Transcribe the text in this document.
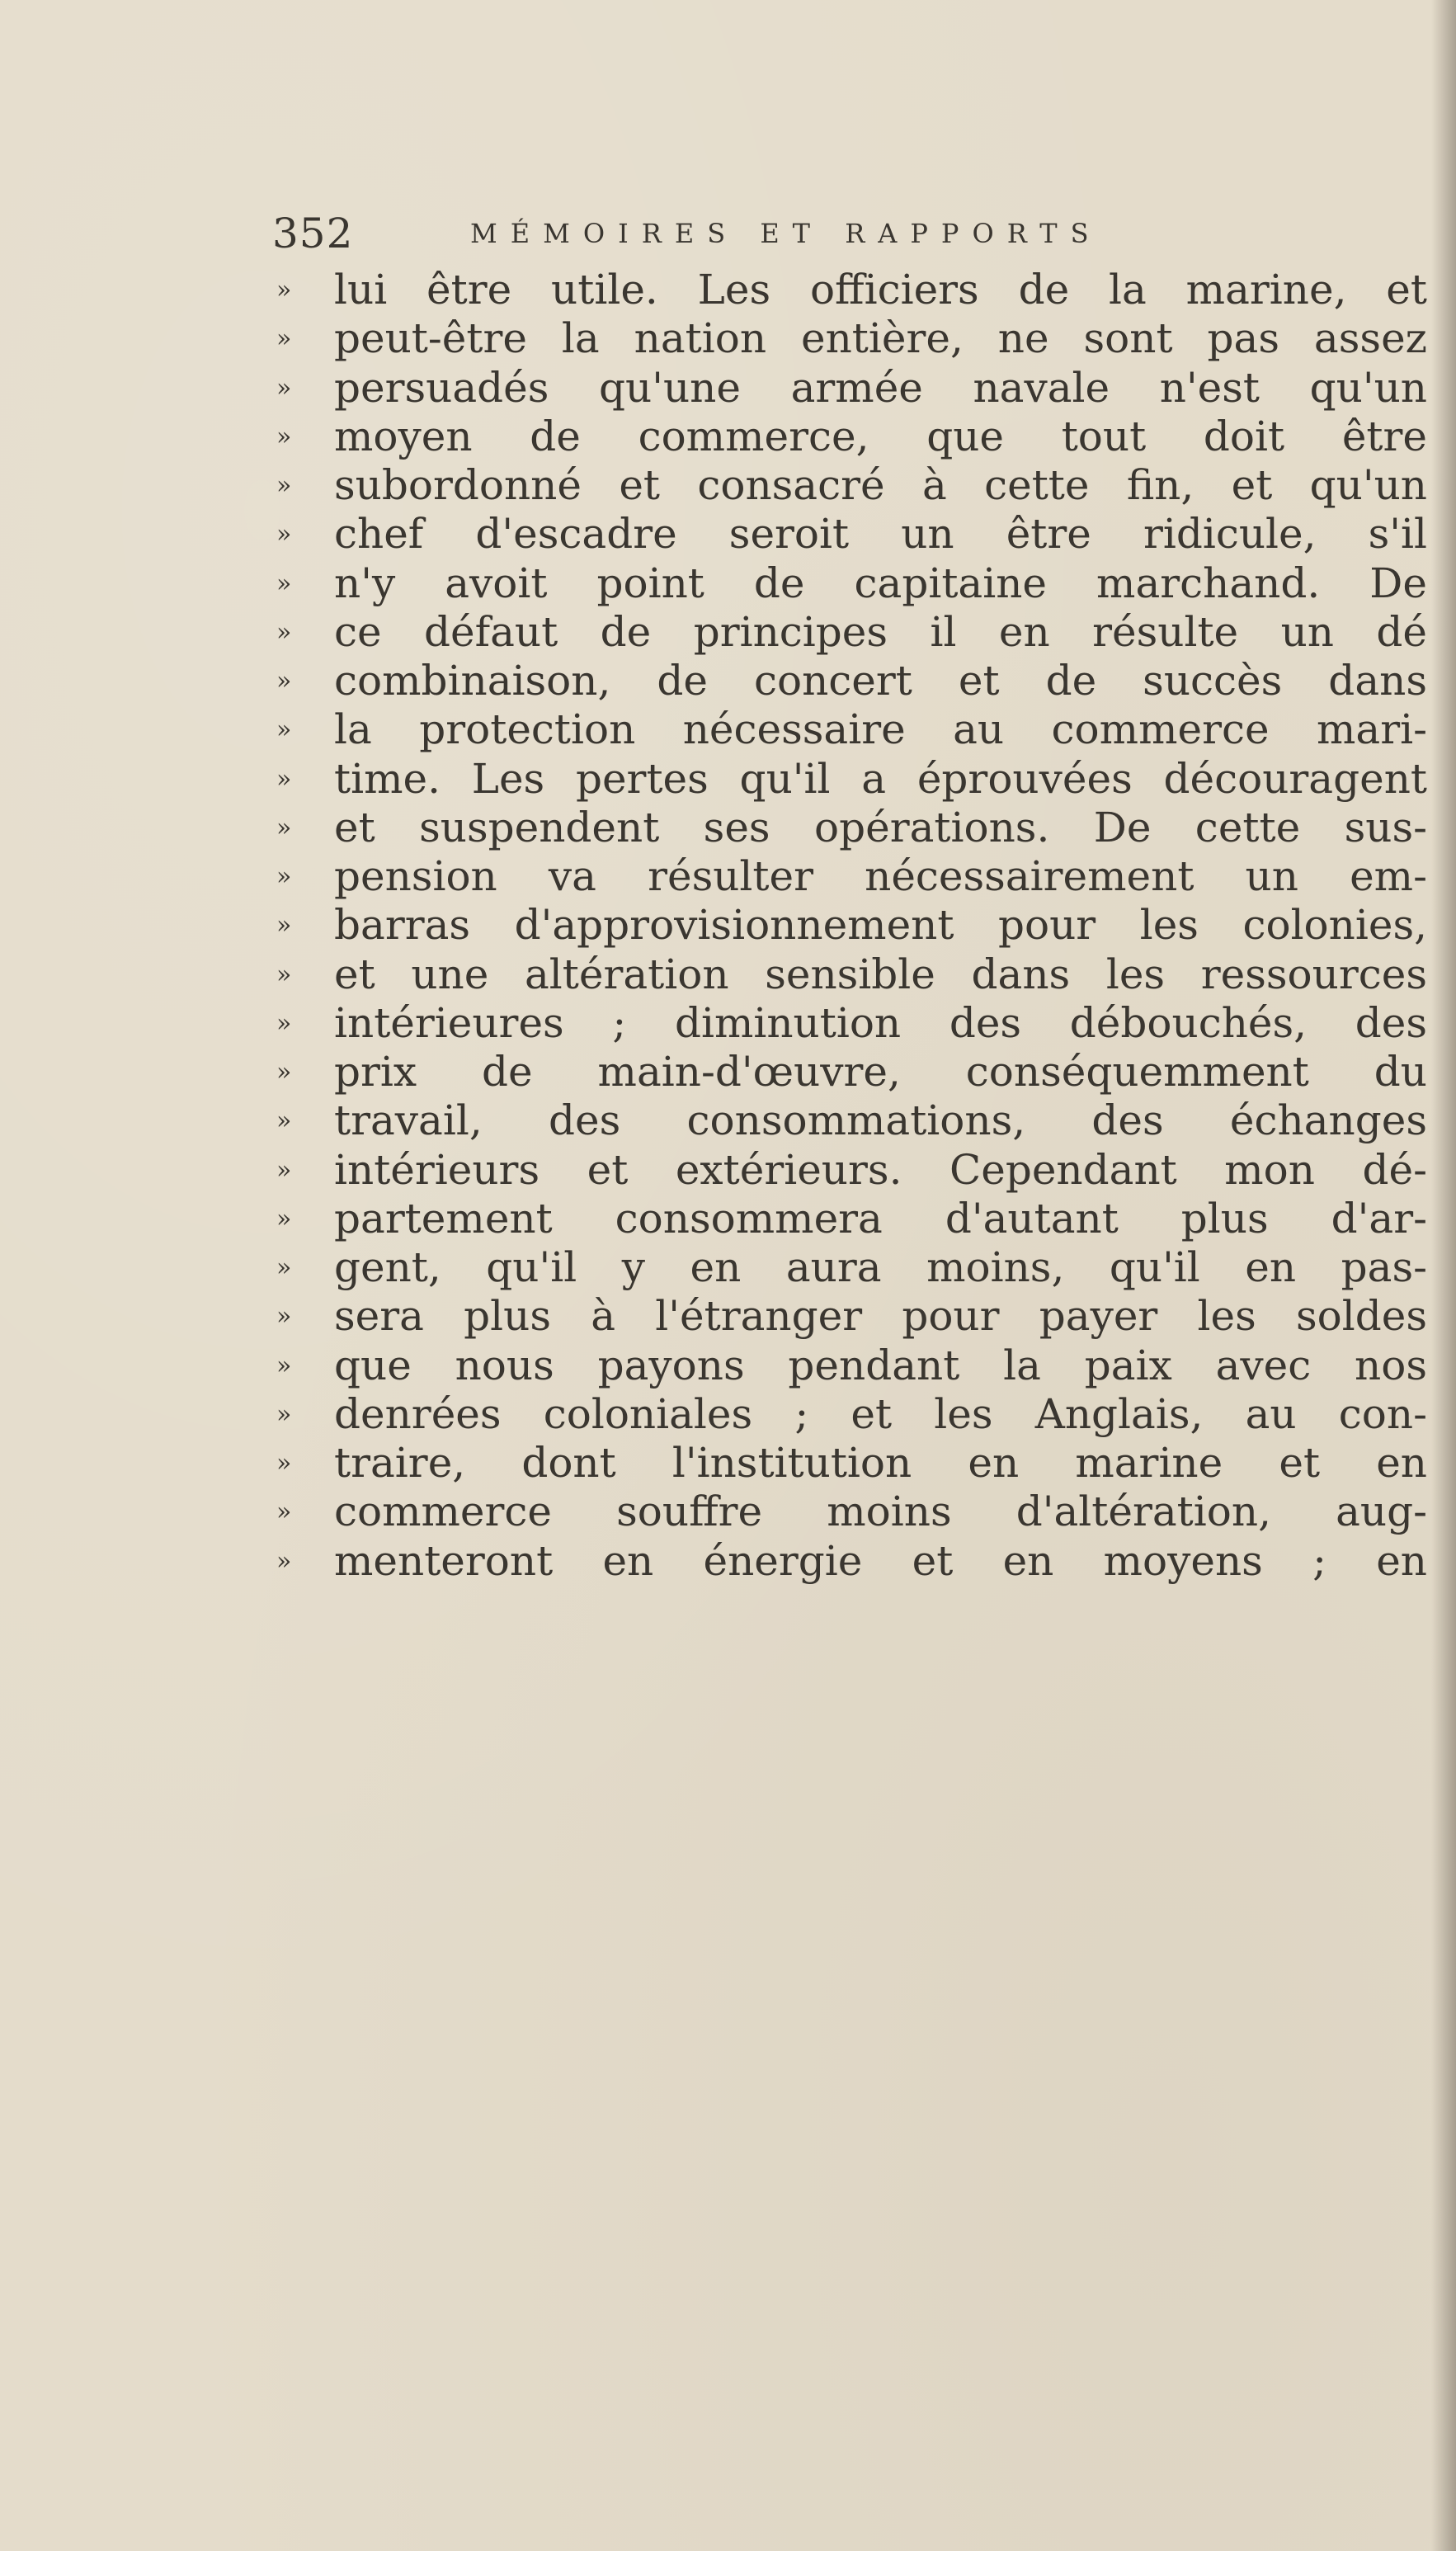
352	MÉMOIRES ET RAPPORTS
»	lui être utile. Les officiers de la marine, et
»	peut-être la nation entière, ne sont pas assez
»	persuadés qu'une armée navale n'est qu'un
»	moyen de commerce, que tout doit être
»	subordonné et consacré à cette fin, et qu'un
»	chef d'escadre seroit un être ridicule, s'il
»	n'y avoit point de capitaine marchand. De
»	ce défaut de principes il en résulte un dé
»	combinaison, de concert et de succès dans
»	la protection nécessaire au commerce mari-
»	time. Les pertes qu'il a éprouvées découragent
»	et suspendent ses opérations. De cette sus-
»	pension va résulter nécessairement un em-
»	barras d'approvisionnement pour les colonies,
»	et une altération sensible dans les ressources
»	intérieures ; diminution des débouchés, des
»	prix de main-d'œuvre, conséquemment du
»	travail, des consommations, des échanges
»	intérieurs et extérieurs. Cependant mon dé-
»	partement consommera d'autant plus d'ar-
»	gent, qu'il y en aura moins, qu'il en pas-
»	sera plus à l'étranger pour payer les soldes
»	que nous payons pendant la paix avec nos
»	denrées coloniales ; et les Anglais, au con-
»	traire, dont l'institution en marine et en
»	commerce souffre moins d'altération, aug-
»	menteront en énergie et en moyens ; en
